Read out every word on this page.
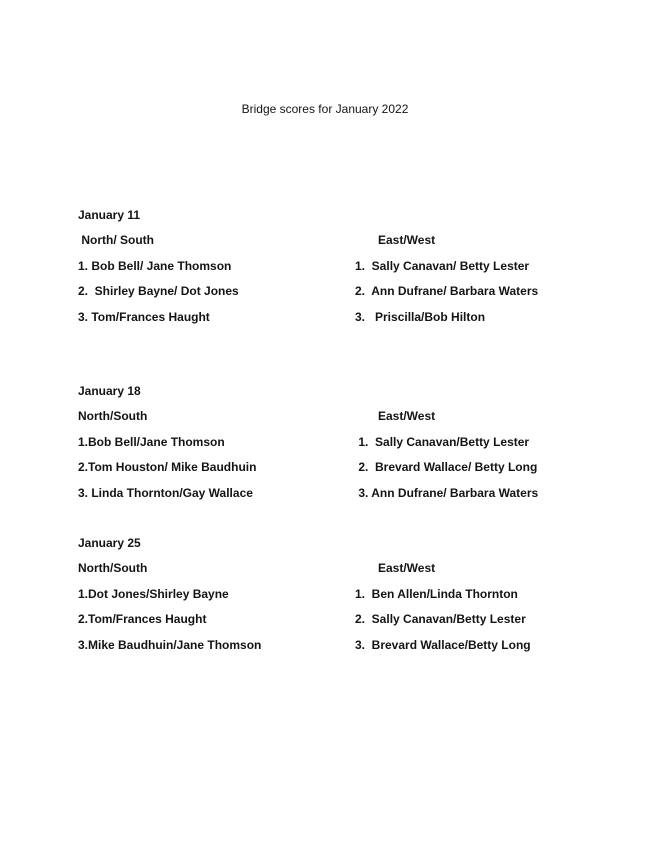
Bridge scores for January 2022
January 11
North/ South	East/West
1. Bob Bell/ Jane Thomson	1.  Sally Canavan/ Betty Lester
2.  Shirley Bayne/ Dot Jones	2.  Ann Dufrane/ Barbara Waters
3. Tom/Frances Haught	3.   Priscilla/Bob Hilton
January 18
North/South	East/West
1.Bob Bell/Jane Thomson	1.  Sally Canavan/Betty Lester
2.Tom Houston/ Mike Baudhuin	2.  Brevard Wallace/ Betty Long
3. Linda Thornton/Gay Wallace	3. Ann Dufrane/ Barbara Waters
January 25
North/South	East/West
1.Dot Jones/Shirley Bayne	1.  Ben Allen/Linda Thornton
2.Tom/Frances Haught	2.  Sally Canavan/Betty Lester
3.Mike Baudhuin/Jane Thomson	3.  Brevard Wallace/Betty Long
